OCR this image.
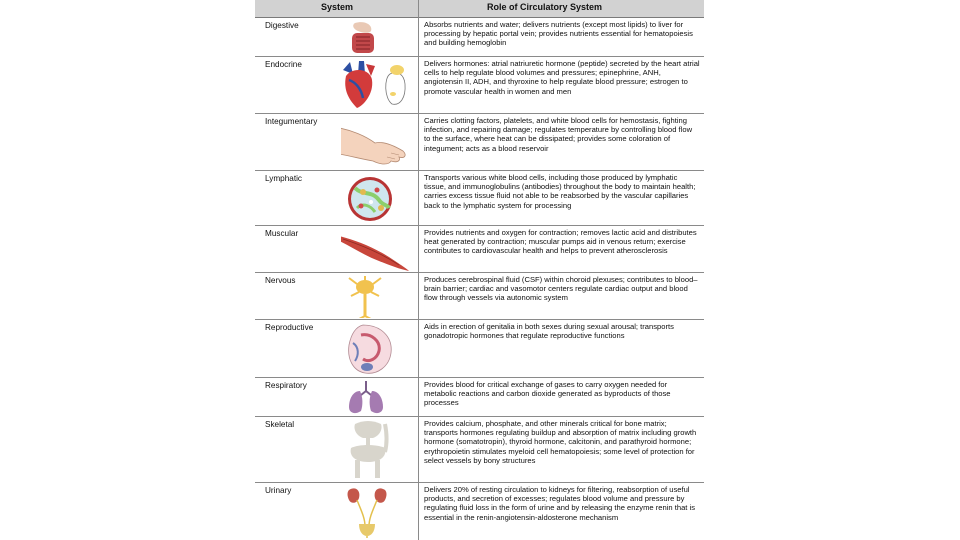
System	Role of Circulatory System
Digestive	Absorbs nutrients and water; delivers nutrients (except most lipids) to liver for processing by hepatic portal vein; provides nutrients essential for hematopoiesis and building hemoglobin
Endocrine	Delivers hormones: atrial natriuretic hormone (peptide) secreted by the heart atrial cells to help regulate blood volumes and pressures; epinephrine, ANH, angiotensin II, ADH, and thyroxine to help regulate blood pressure; estrogen to promote vascular health in women and men
Integumentary	Carries clotting factors, platelets, and white blood cells for hemostasis, fighting infection, and repairing damage; regulates temperature by controlling blood flow to the surface, where heat can be dissipated; provides some coloration of integument; acts as a blood reservoir
Lymphatic	Transports various white blood cells, including those produced by lymphatic tissue, and immunoglobulins (antibodies) throughout the body to maintain health; carries excess tissue fluid not able to be reabsorbed by the vascular capillaries back to the lymphatic system for processing
Muscular	Provides nutrients and oxygen for contraction; removes lactic acid and distributes heat generated by contraction; muscular pumps aid in venous return; exercise contributes to cardiovascular health and helps to prevent atherosclerosis
Nervous	Produces cerebrospinal fluid (CSF) within choroid plexuses; contributes to blood–brain barrier; cardiac and vasomotor centers regulate cardiac output and blood flow through vessels via autonomic system
Reproductive	Aids in erection of genitalia in both sexes during sexual arousal; transports gonadotropic hormones that regulate reproductive functions
Respiratory	Provides blood for critical exchange of gases to carry oxygen needed for metabolic reactions and carbon dioxide generated as byproducts of those processes
Skeletal	Provides calcium, phosphate, and other minerals critical for bone matrix; transports hormones regulating buildup and absorption of matrix including growth hormone (somatotropin), thyroid hormone, calcitonin, and parathyroid hormone; erythropoietin stimulates myeloid cell hematopoiesis; some level of protection for select vessels by bony structures
Urinary	Delivers 20% of resting circulation to kidneys for filtering, reabsorption of useful products, and secretion of excesses; regulates blood volume and pressure by regulating fluid loss in the form of urine and by releasing the enzyme renin that is essential in the renin-angiotensin-aldosterone mechanism
